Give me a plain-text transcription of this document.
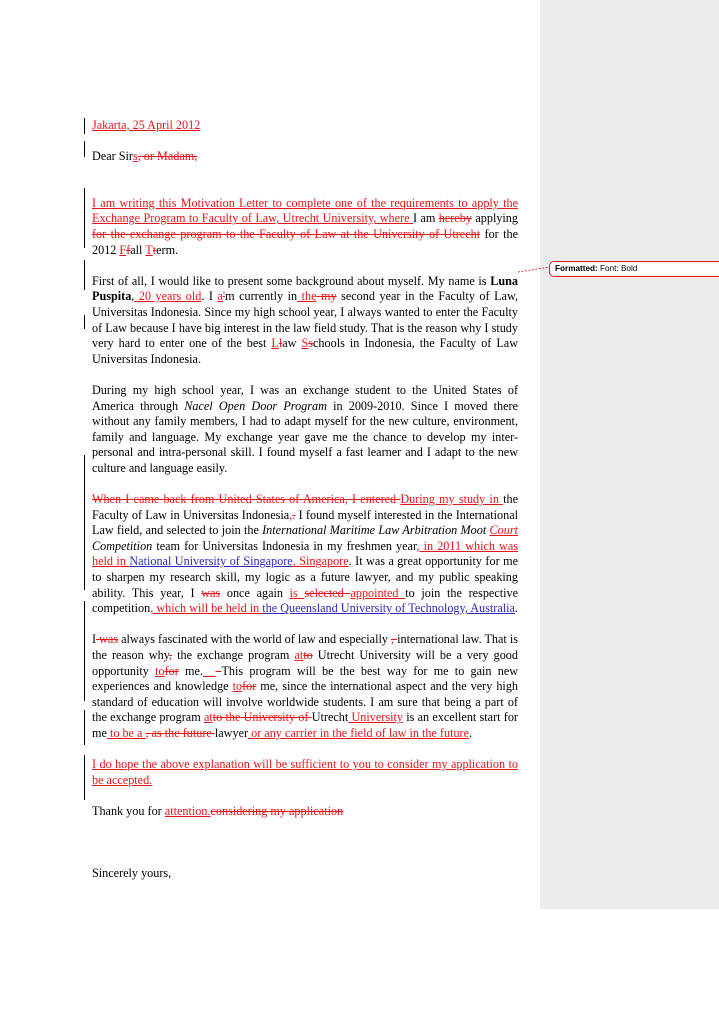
Jakarta, 25 April 2012

Dear Sirs, or Madam,

I am writing this Motivation Letter to complete one of the requirements to apply the Exchange Program to Faculty of Law, Utrecht University, where I am hereby applying for the exchange program to the Faculty of Law at the University of Utrecht for the 2012 Ffall Tterm.

First of all, I would like to present some background about myself. My name is Luna Puspita, 20 years old. I a'm currently in the my second year in the Faculty of Law, Universitas Indonesia. Since my high school year, I always wanted to enter the Faculty of Law because I have big interest in the law field study. That is the reason why I study very hard to enter one of the best Llaw Sschools in Indonesia, the Faculty of Law Universitas Indonesia.

During my high school year, I was an exchange student to the United States of America through Nacel Open Door Program in 2009-2010. Since I moved there without any family members, I had to adapt myself for the new culture, environment, family and language. My exchange year gave me the chance to develop my inter-personal and intra-personal skill. I found myself a fast learner and I adapt to the new culture and language easily.

When I came back from United States of America, I entered During my study in the Faculty of Law in Universitas Indonesia,. I found myself interested in the International Law field, and selected to join the International Maritime Law Arbitration Moot Court Competition team for Universitas Indonesia in my freshmen year, in 2011 which was held in National University of Singapore, Singapore. It was a great opportunity for me to sharpen my research skill, my logic as a future lawyer, and my public speaking ability. This year, I was once again is selected appointed to join the respective competition, which will be held in the Queensland University of Technology, Australia.

I was always fascinated with the world of law and especially , international law. That is the reason why, the exchange program atto Utrecht University will be a very good opportunity tofor me. This program will be the best way for me to gain new experiences and knowledge tofor me, since the international aspect and the very high standard of education will involve worldwide students. I am sure that being a part of the exchange program atto the University of Utrecht University is an excellent start for me to be a , as the future lawyer or any carrier in the field of law in the future.

I do hope the above explanation will be sufficient to you to consider my application to be accepted.

Thank you for attention.considering my application

Sincerely yours,

Formatted: Font: Bold
